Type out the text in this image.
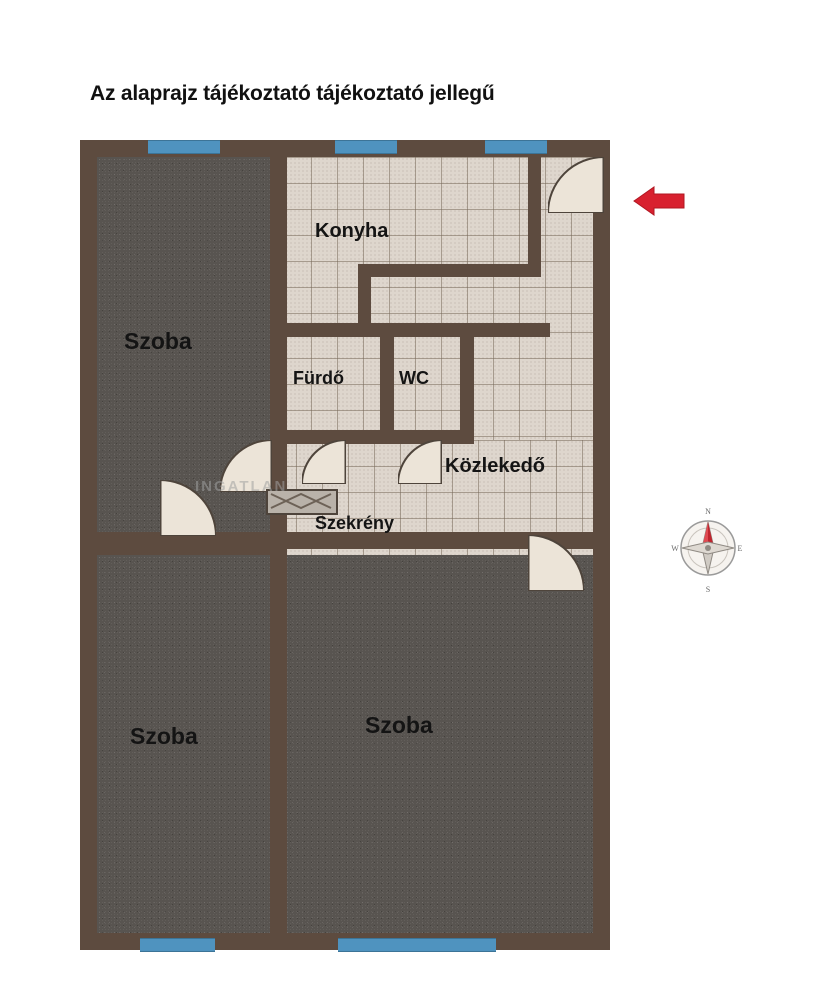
Az alaprajz tájékoztató tájékoztató jellegű
Szoba
Konyha
Fürdő	WC
Közlekedő
Szekrény
Szoba	Szoba
INGATLAN
N
S
E
W
